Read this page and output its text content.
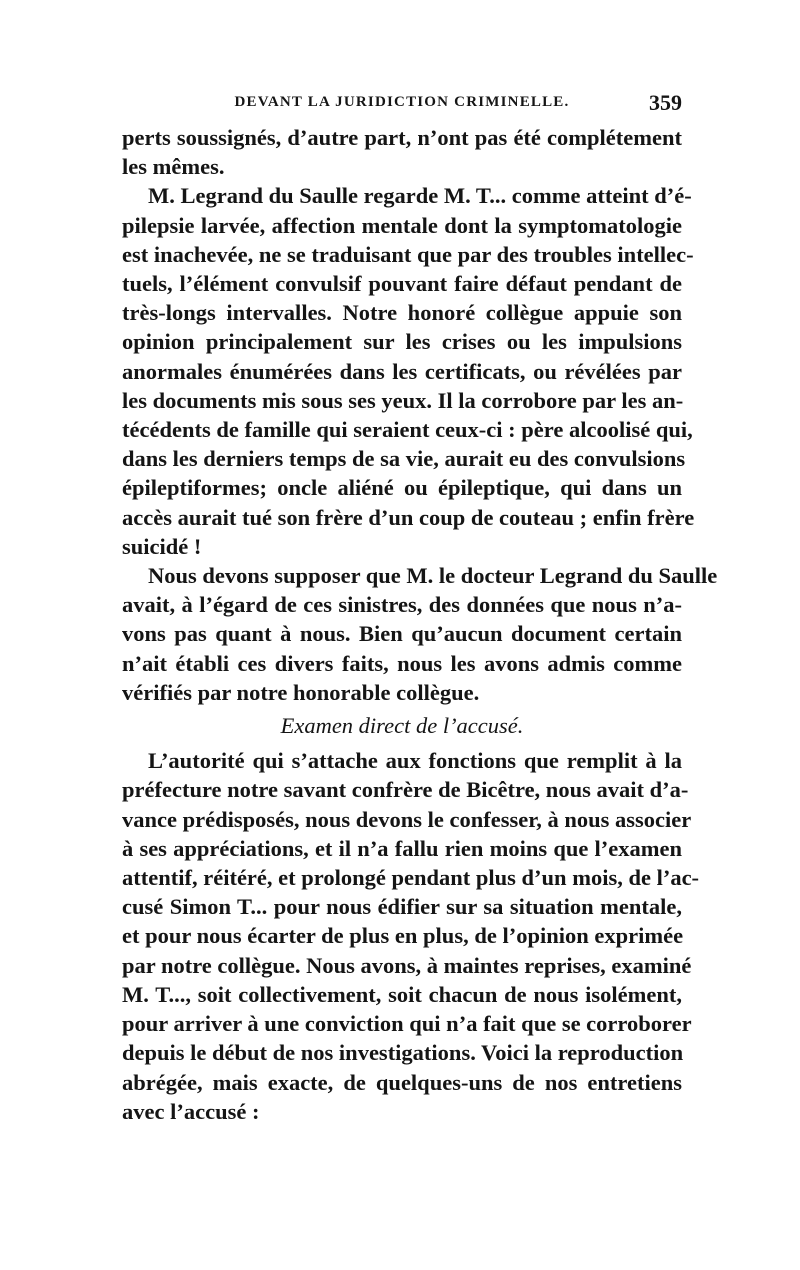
DEVANT LA JURIDICTION CRIMINELLE.	359
perts soussignés, d’autre part, n’ont pas été complétement
les mêmes.
M. Legrand du Saulle regarde M. T... comme atteint d’é-
pilepsie larvée, affection mentale dont la symptomatologie
est inachevée, ne se traduisant que par des troubles intellec-
tuels, l’élément convulsif pouvant faire défaut pendant de
très-longs intervalles. Notre honoré collègue appuie son
opinion principalement sur les crises ou les impulsions
anormales énumérées dans les certificats, ou révélées par
les documents mis sous ses yeux. Il la corrobore par les an-
técédents de famille qui seraient ceux-ci : père alcoolisé qui,
dans les derniers temps de sa vie, aurait eu des convulsions
épileptiformes; oncle aliéné ou épileptique, qui dans un
accès aurait tué son frère d’un coup de couteau ; enfin frère
suicidé !
Nous devons supposer que M. le docteur Legrand du Saulle
avait, à l’égard de ces sinistres, des données que nous n’a-
vons pas quant à nous. Bien qu’aucun document certain
n’ait établi ces divers faits, nous les avons admis comme
vérifiés par notre honorable collègue.
Examen direct de l’accusé.
L’autorité qui s’attache aux fonctions que remplit à la
préfecture notre savant confrère de Bicêtre, nous avait d’a-
vance prédisposés, nous devons le confesser, à nous associer
à ses appréciations, et il n’a fallu rien moins que l’examen
attentif, réitéré, et prolongé pendant plus d’un mois, de l’ac-
cusé Simon T... pour nous édifier sur sa situation mentale,
et pour nous écarter de plus en plus, de l’opinion exprimée
par notre collègue. Nous avons, à maintes reprises, examiné
M. T..., soit collectivement, soit chacun de nous isolément,
pour arriver à une conviction qui n’a fait que se corroborer
depuis le début de nos investigations. Voici la reproduction
abrégée, mais exacte, de quelques-uns de nos entretiens
avec l’accusé :
